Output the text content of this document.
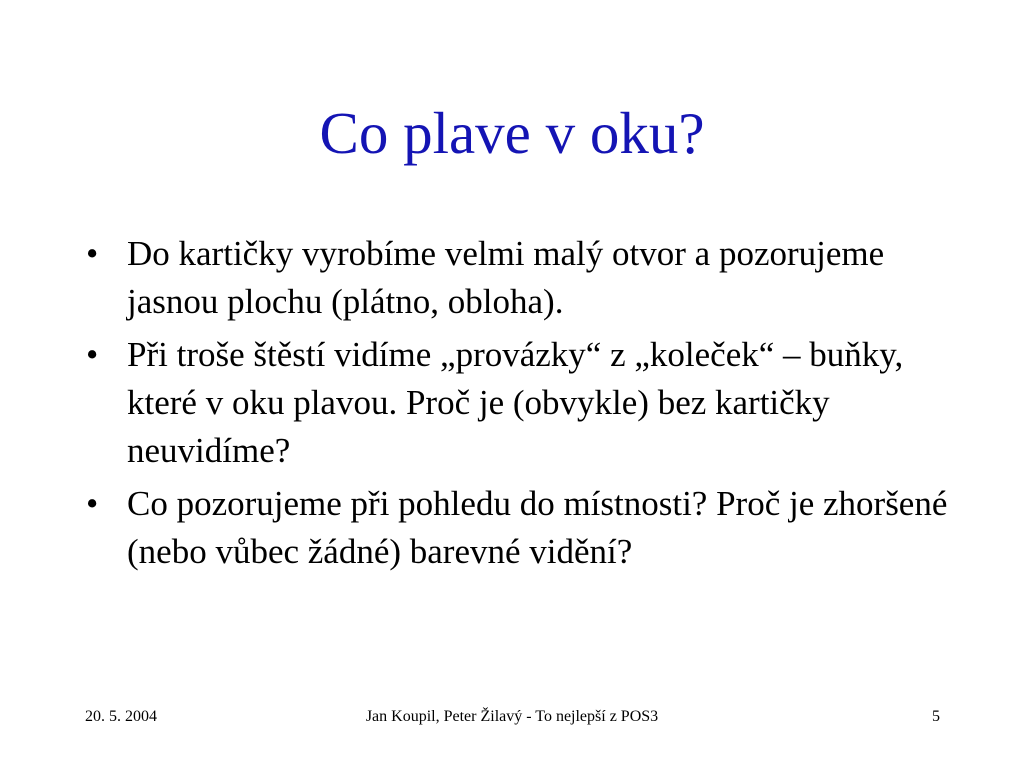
Co plave v oku?
• Do kartičky vyrobíme velmi malý otvor a pozorujeme jasnou plochu (plátno, obloha).
• Při troše štěstí vidíme „provázky“ z „koleček“ – buňky, které v oku plavou. Proč je (obvykle) bez kartičky neuvidíme?
• Co pozorujeme při pohledu do místnosti? Proč je zhoršené (nebo vůbec žádné) barevné vidění?
20. 5. 2004	Jan Koupil, Peter Žilavý - To nejlepší z POS3	5
